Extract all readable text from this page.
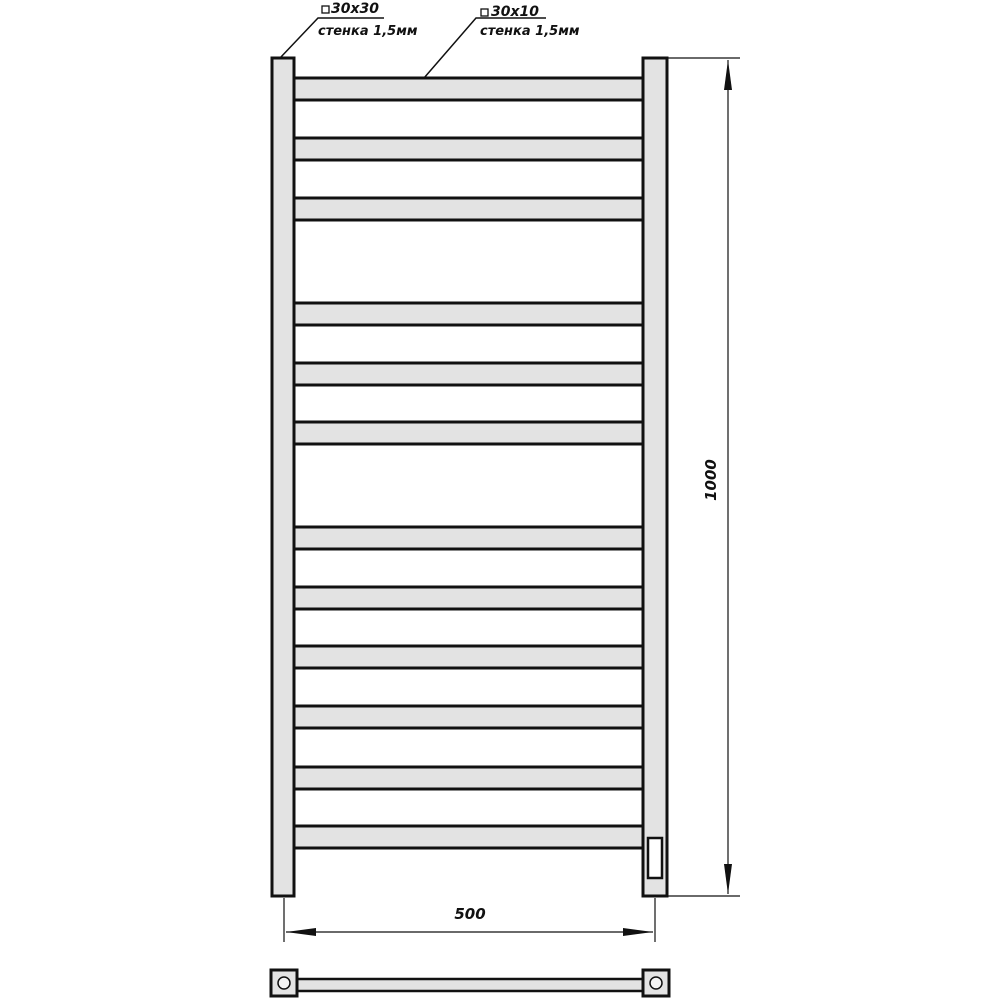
30x30
стенка 1,5мм
30x10
стенка 1,5мм
1000
500
